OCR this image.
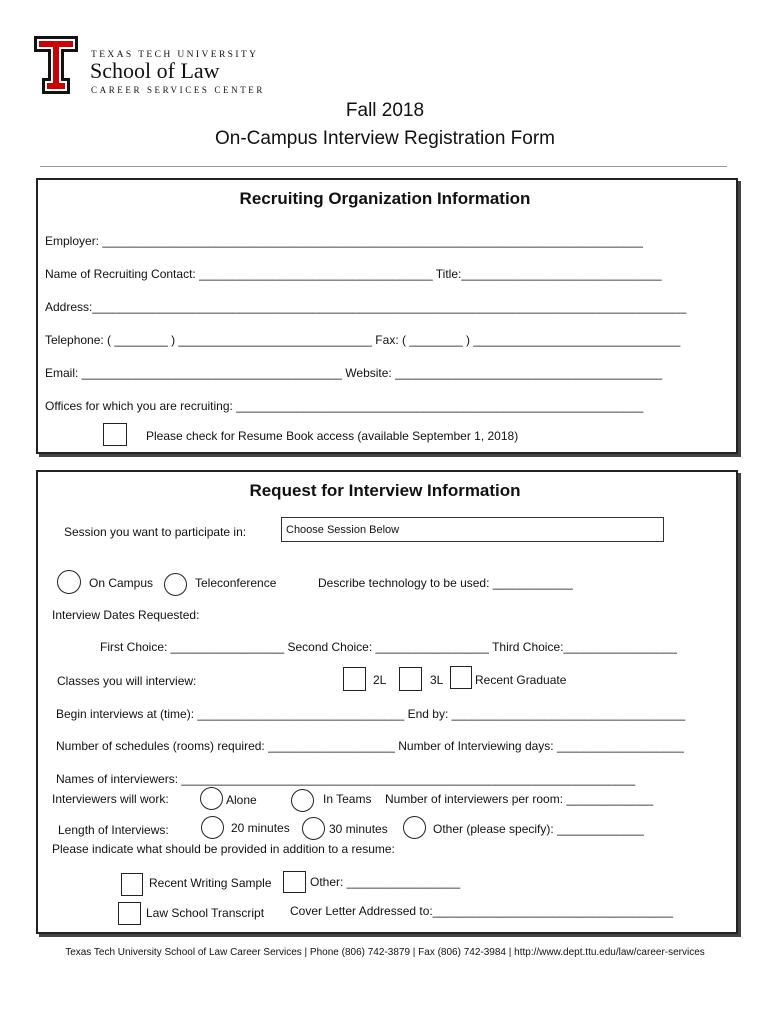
TEXAS TECH UNIVERSITY
School of Law
CAREER SERVICES CENTER
Fall 2018
On-Campus Interview Registration Form
Recruiting Organization Information
Employer: _________________________________________________________________________________
Name of Recruiting Contact: ___________________________________ Title:______________________________
Address:_________________________________________________________________________________________
Telephone: ( ________ ) _____________________________ Fax: ( ________ ) _______________________________
Email: _______________________________________ Website: ________________________________________
Offices for which you are recruiting: _____________________________________________________________
Please check for Resume Book access (available September 1, 2018)
Request for Interview Information
Session you want to participate in:	Choose Session Below
On Campus	Teleconference	Describe technology to be used: ____________
Interview Dates Requested:
First Choice: _________________ Second Choice: _________________ Third Choice:_________________
Classes you will interview:	2L	3L	Recent Graduate
Begin interviews at (time): _______________________________ End by: ___________________________________
Number of schedules (rooms) required: ___________________ Number of Interviewing days: ___________________
Names of interviewers: ____________________________________________________________________
Interviewers will work:	Alone	In Teams Number of interviewers per room: _____________
Length of Interviews:	20 minutes	30 minutes	Other (please specify): _____________
Please indicate what should be provided in addition to a resume:
Recent Writing Sample	Other: _________________
Law School Transcript Cover Letter Addressed to:____________________________________
Texas Tech University School of Law Career Services | Phone (806) 742-3879 | Fax (806) 742-3984 | http://www.dept.ttu.edu/law/career-services
